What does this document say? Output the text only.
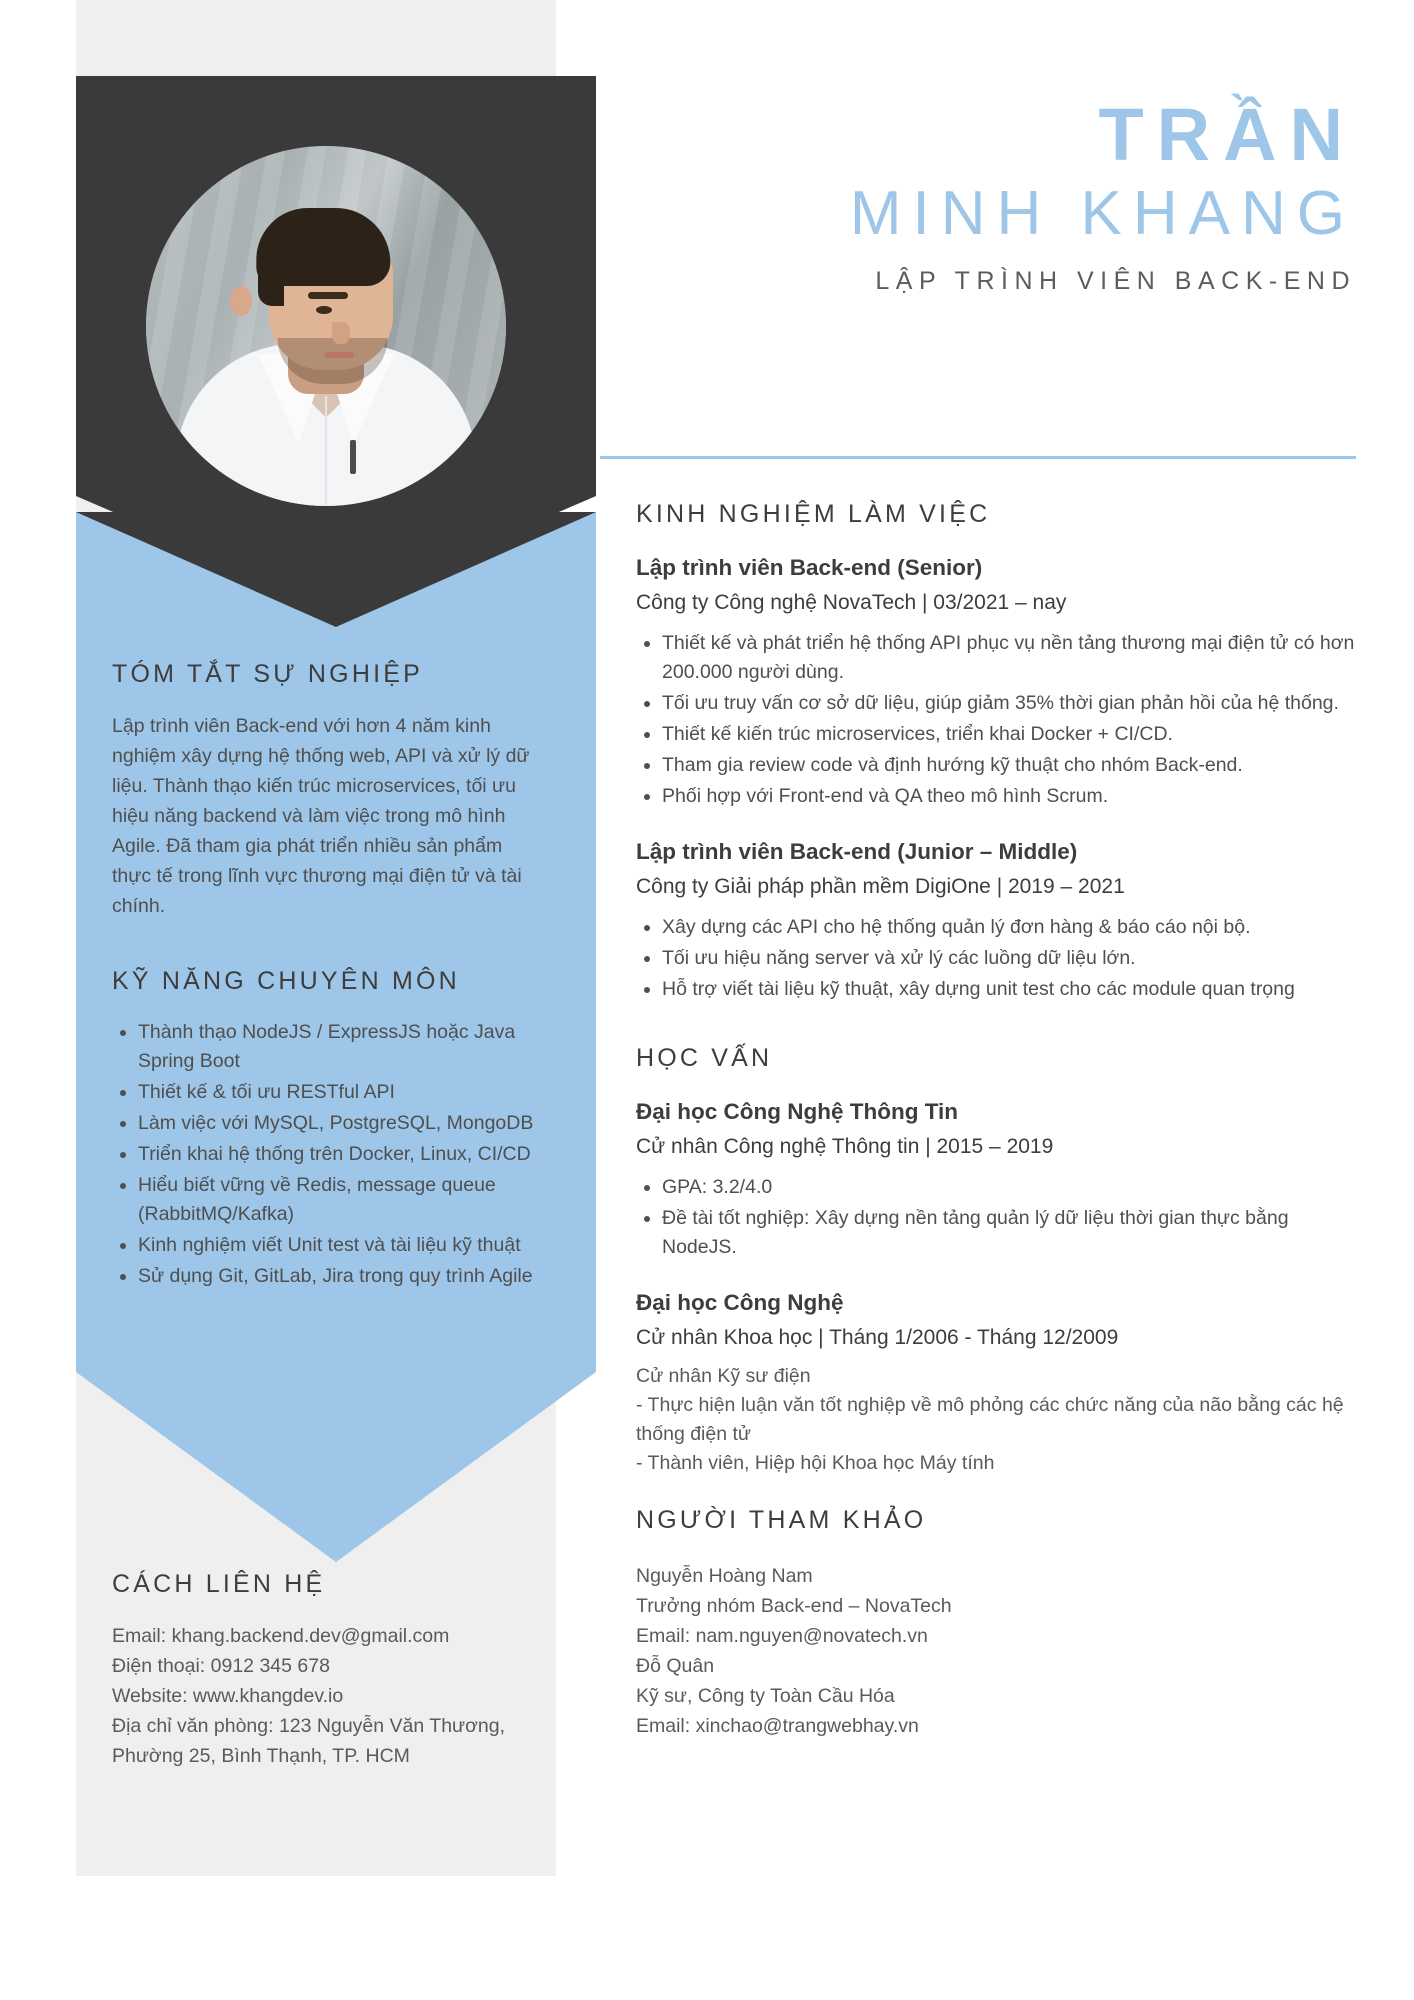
TÓM TẮT SỰ NGHIỆP

Lập trình viên Back-end với hơn 4 năm kinh nghiệm xây dựng hệ thống web, API và xử lý dữ liệu. Thành thạo kiến trúc microservices, tối ưu hiệu năng backend và làm việc trong mô hình Agile. Đã tham gia phát triển nhiều sản phẩm thực tế trong lĩnh vực thương mại điện tử và tài chính.

KỸ NĂNG CHUYÊN MÔN
• Thành thạo NodeJS / ExpressJS hoặc Java Spring Boot
• Thiết kế & tối ưu RESTful API
• Làm việc với MySQL, PostgreSQL, MongoDB
• Triển khai hệ thống trên Docker, Linux, CI/CD
• Hiểu biết vững về Redis, message queue (RabbitMQ/Kafka)
• Kinh nghiệm viết Unit test và tài liệu kỹ thuật
• Sử dụng Git, GitLab, Jira trong quy trình Agile
CÁCH LIÊN HỆ
Email: khang.backend.dev@gmail.com
Điện thoại: 0912 345 678
Website: www.khangdev.io
Địa chỉ văn phòng: 123 Nguyễn Văn Thương, Phường 25, Bình Thạnh, TP. HCM
TRẦN
MINH KHANG
LẬP TRÌNH VIÊN BACK-END
KINH NGHIỆM LÀM VIỆC
Lập trình viên Back-end (Senior)
Công ty Công nghệ NovaTech | 03/2021 – nay
• Thiết kế và phát triển hệ thống API phục vụ nền tảng thương mại điện tử có hơn 200.000 người dùng.
• Tối ưu truy vấn cơ sở dữ liệu, giúp giảm 35% thời gian phản hồi của hệ thống.
• Thiết kế kiến trúc microservices, triển khai Docker + CI/CD.
• Tham gia review code và định hướng kỹ thuật cho nhóm Back-end.
• Phối hợp với Front-end và QA theo mô hình Scrum.
Lập trình viên Back-end (Junior – Middle)
Công ty Giải pháp phần mềm DigiOne | 2019 – 2021
• Xây dựng các API cho hệ thống quản lý đơn hàng & báo cáo nội bộ.
• Tối ưu hiệu năng server và xử lý các luồng dữ liệu lớn.
• Hỗ trợ viết tài liệu kỹ thuật, xây dựng unit test cho các module quan trọng
HỌC VẤN
Đại học Công Nghệ Thông Tin
Cử nhân Công nghệ Thông tin | 2015 – 2019
• GPA: 3.2/4.0
• Đề tài tốt nghiệp: Xây dựng nền tảng quản lý dữ liệu thời gian thực bằng NodeJS.
Đại học Công Nghệ
Cử nhân Khoa học | Tháng 1/2006 - Tháng 12/2009
Cử nhân Kỹ sư điện
- Thực hiện luận văn tốt nghiệp về mô phỏng các chức năng của não bằng các hệ thống điện tử
- Thành viên, Hiệp hội Khoa học Máy tính
NGƯỜI THAM KHẢO
Nguyễn Hoàng Nam
Trưởng nhóm Back-end – NovaTech
Email: nam.nguyen@novatech.vn
Đỗ Quân
Kỹ sư, Công ty Toàn Cầu Hóa
Email: xinchao@trangwebhay.vn
